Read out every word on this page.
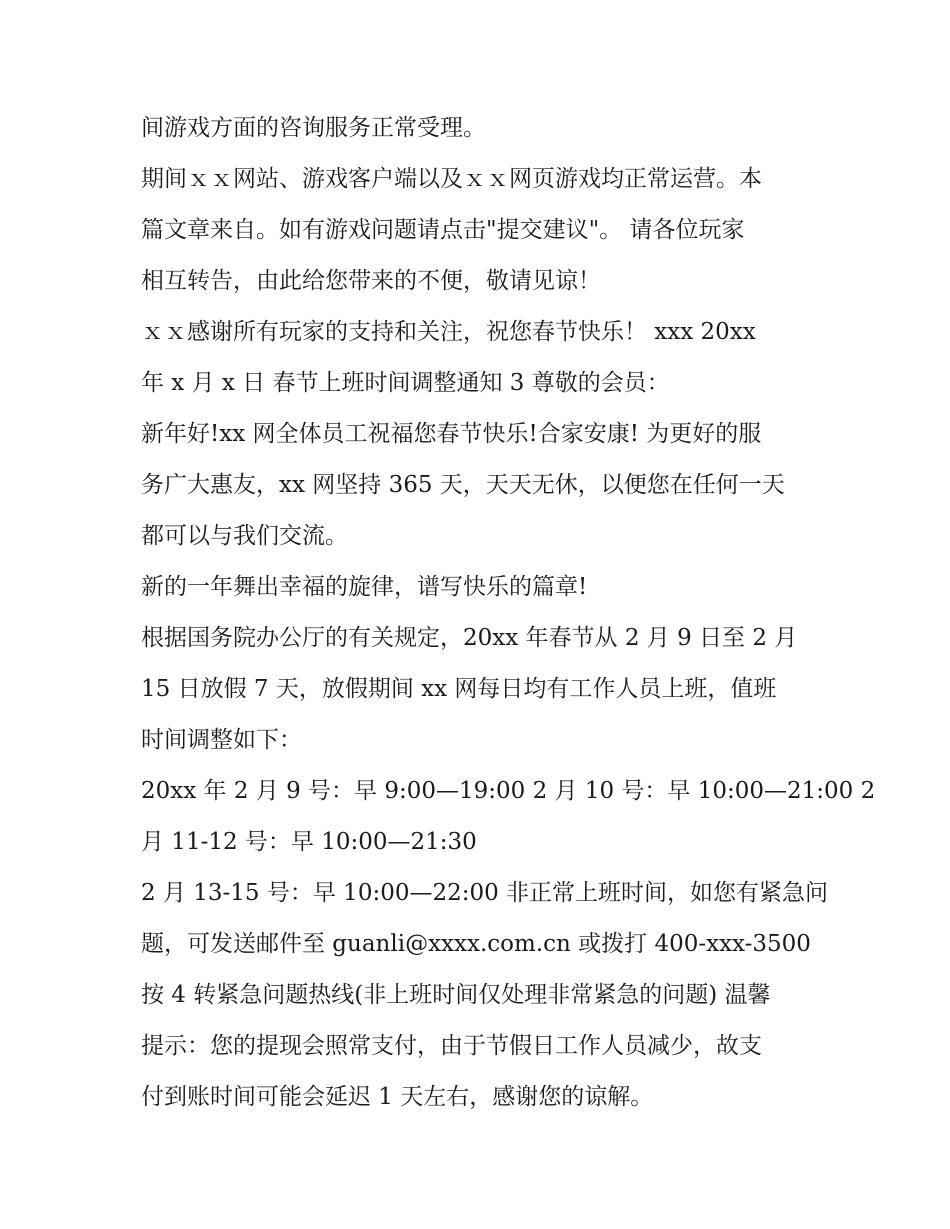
间游戏方面的咨询服务正常受理。
期间ｘｘ网站、游戏客户端以及ｘｘ网页游戏均正常运营。本
篇文章来自。如有游戏问题请点击"提交建议"。 请各位玩家
相互转告，由此给您带来的不便，敬请见谅！
ｘｘ感谢所有玩家的支持和关注，祝您春节快乐！ xxx 20xx
年 x 月 x 日 春节上班时间调整通知 3 尊敬的会员：
新年好!xx 网全体员工祝福您春节快乐!合家安康! 为更好的服
务广大惠友，xx 网坚持 365 天，天天无休，以便您在任何一天
都可以与我们交流。
新的一年舞出幸福的旋律，谱写快乐的篇章!
根据国务院办公厅的有关规定，20xx 年春节从 2 月 9 日至 2 月
15 日放假 7 天，放假期间 xx 网每日均有工作人员上班，值班
时间调整如下：
20xx 年 2 月 9 号：早 9:00—19:00 2 月 10 号：早 10:00—21:00 2
月 11-12 号：早 10:00—21:30
2 月 13-15 号：早 10:00—22:00 非正常上班时间，如您有紧急问
题，可发送邮件至 guanli@xxxx.com.cn 或拨打 400-xxx-3500
按 4 转紧急问题热线(非上班时间仅处理非常紧急的问题) 温馨
提示：您的提现会照常支付，由于节假日工作人员减少，故支
付到账时间可能会延迟 1 天左右，感谢您的谅解。
